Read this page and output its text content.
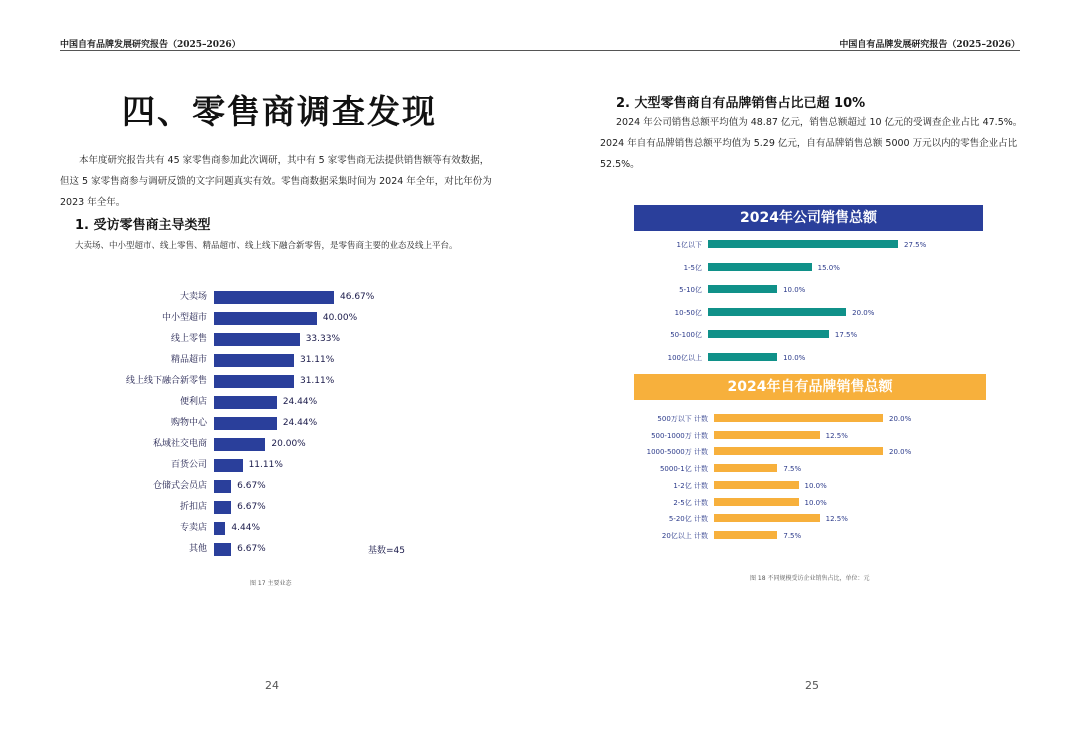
中国自有品牌发展研究报告（2025–2026）
四、零售商调查发现
本年度研究报告共有 45 家零售商参加此次调研，其中有 5 家零售商无法提供销售额等有效数据，
但这 5 家零售商参与调研反馈的文字问题真实有效。零售商数据采集时间为 2024 年全年，对比年份为
2023 年全年。
1. 受访零售商主导类型
大卖场、中小型超市、线上零售、精品超市、线上线下融合新零售，是零售商主要的业态及线上平台。
大卖场	46.67%
中小型超市	40.00%
线上零售	33.33%
精品超市	31.11%
线上线下融合新零售	31.11%
便利店	24.44%
购物中心	24.44%
私域社交电商	20.00%
百货公司	11.11%
仓储式会员店	6.67%
折扣店	6.67%
专卖店	4.44%
其他	6.67%	基数=45
图 17 主要业态
24
中国自有品牌发展研究报告（2025–2026）
2. 大型零售商自有品牌销售占比已超 10%
2024 年公司销售总额平均值为 48.87 亿元，销售总额超过 10 亿元的受调查企业占比 47.5%。
2024 年自有品牌销售总额平均值为 5.29 亿元，自有品牌销售总额 5000 万元以内的零售企业占比
52.5%。
2024年公司销售总额
1亿以下	27.5%
1-5亿	15.0%
5-10亿	10.0%
10-50亿	20.0%
50-100亿	17.5%
100亿以上	10.0%
2024年自有品牌销售总额
500万以下 计数	20.0%
500-1000万 计数	12.5%
1000-5000万 计数	20.0%
5000-1亿 计数	7.5%
1-2亿 计数	10.0%
2-5亿 计数	10.0%
5-20亿 计数	12.5%
20亿以上 计数	7.5%
图 18 不同规模受访企业销售占比，单位：元
25
